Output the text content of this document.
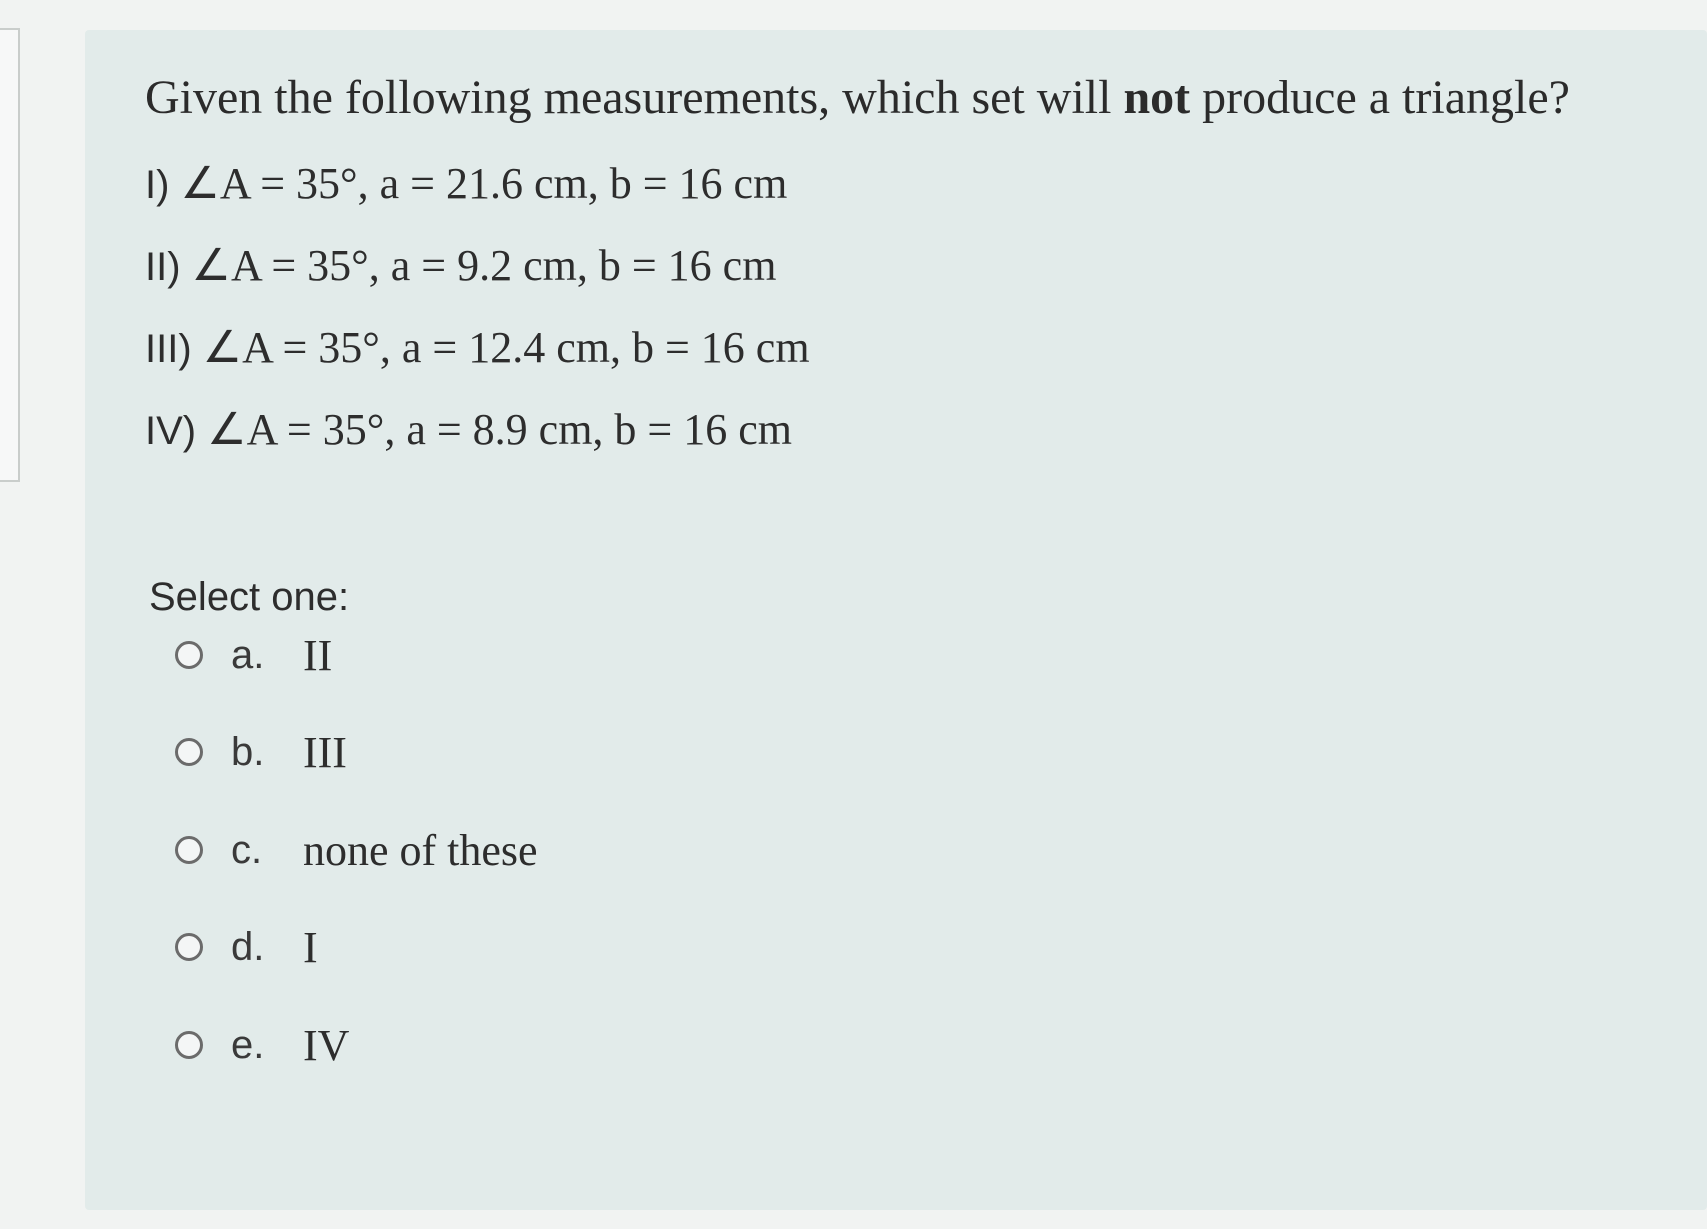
Given the following measurements, which set will not produce a triangle?
I) ∠A = 35°, a = 21.6 cm, b = 16 cm
II) ∠A = 35°, a = 9.2 cm, b = 16 cm
III) ∠A = 35°, a = 12.4 cm, b = 16 cm
IV) ∠A = 35°, a = 8.9 cm, b = 16 cm
Select one:
a. II
b. III
c. none of these
d. I
e. IV
